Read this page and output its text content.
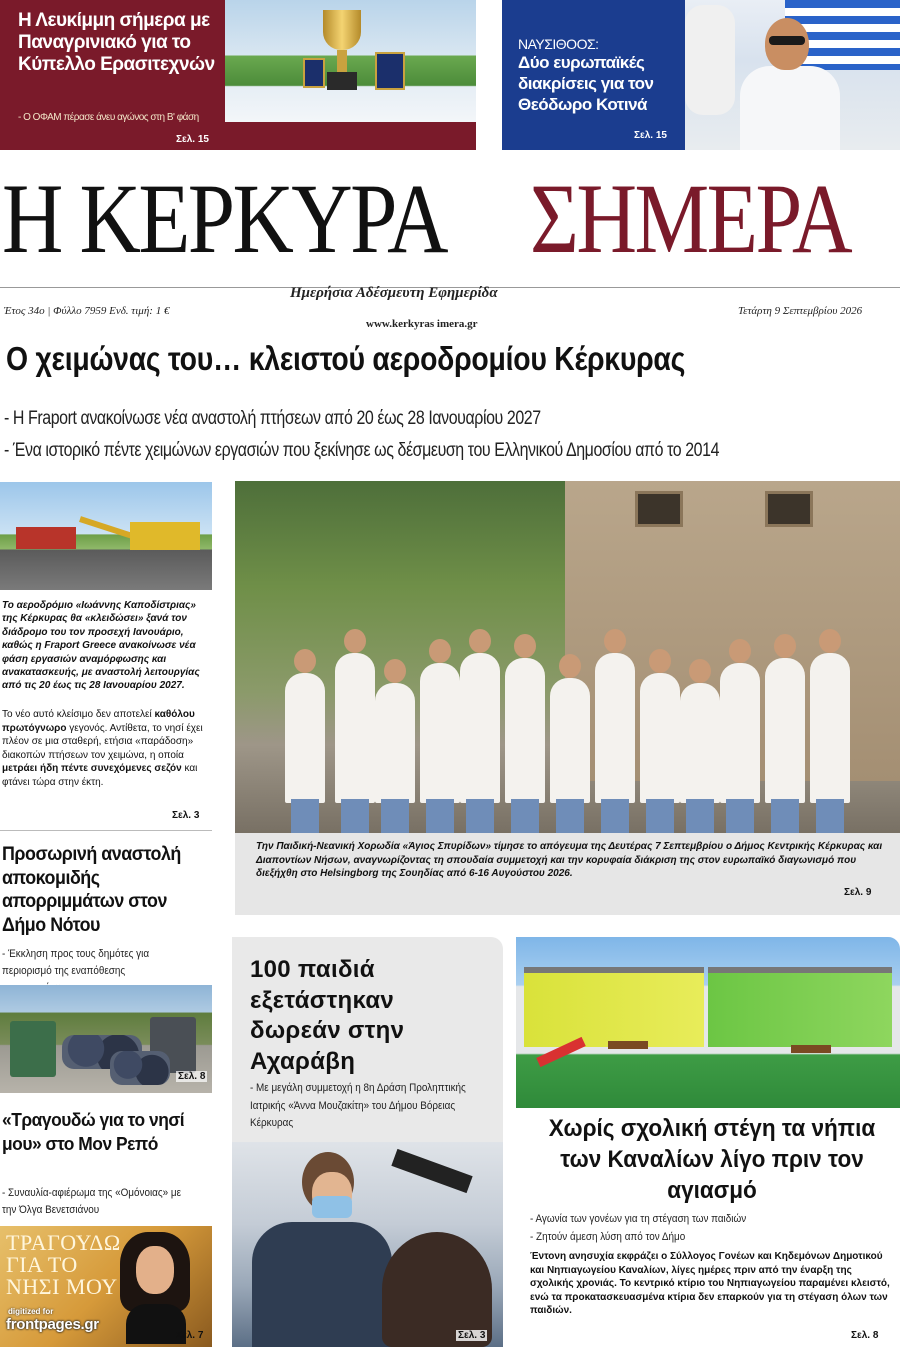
Η Λευκίμμη σήμερα με Παναγρινιακό για το Κύπελλο Ερασιτεχνών
- Ο ΟΦΑΜ πέρασε άνευ αγώνος στη Β' φάση
Σελ. 15
ΝΑΥΣΙΘΟΟΣ:
Δύο ευρωπαϊκές διακρίσεις για τον Θεόδωρο Κοτινά
Σελ. 15
Η ΚΕΡΚΥΡΑ ΣΗΜΕΡΑ
Ημερήσια Αδέσμευτη Εφημερίδα
Έτος 34ο | Φύλλο 7959 Ενδ. τιμή: 1 €	Τετάρτη 9 Σεπτεμβρίου 2026
www.kerkyras imera.gr
Ο χειμώνας του… κλειστού αεροδρομίου Κέρκυρας
- Η Fraport ανακοίνωσε νέα αναστολή πτήσεων από 20 έως 28 Ιανουαρίου 2027
- Ένα ιστορικό πέντε χειμώνων εργασιών που ξεκίνησε ως δέσμευση του Ελληνικού Δημοσίου από το 2014
Το αεροδρόμιο «Ιωάννης Καποδίστριας» της Κέρκυρας θα «κλειδώσει» ξανά τον διάδρομο του τον προσεχή Ιανουάριο, καθώς η Fraport Greece ανακοίνωσε νέα φάση εργασιών αναμόρφωσης και ανακατασκευής, με αναστολή λειτουργίας από τις 20 έως τις 28 Ιανουαρίου 2027.
Το νέο αυτό κλείσιμο δεν αποτελεί καθόλου πρωτόγνωρο γεγονός. Αντίθετα, το νησί έχει πλέον σε μια σταθερή, ετήσια «παράδοση» διακοπών πτήσεων τον χειμώνα, η οποία μετράει ήδη πέντε συνεχόμενες σεζόν και φτάνει τώρα στην έκτη.
Σελ. 3
Την Παιδική-Νεανική Χορωδία «Άγιος Σπυρίδων» τίμησε το απόγευμα της Δευτέρας 7 Σεπτεμβρίου ο Δήμος Κεντρικής Κέρκυρας και Διαποντίων Νήσων, αναγνωρίζοντας τη σπουδαία συμμετοχή και την κορυφαία διάκριση της στον ευρωπαϊκό διαγωνισμό που διεξήχθη στο Helsingborg της Σουηδίας από 6-16 Αυγούστου 2026.
Σελ. 9
Προσωρινή αναστολή αποκομιδής απορριμμάτων στον Δήμο Νότου
- Έκκληση προς τους δημότες για περιορισμό της εναπόθεσης
Σελ. 8
«Τραγουδώ για το νησί μου» στο Μον Ρεπό
- Συναυλία-αφιέρωμα της «Ομόνοιας» με την Όλγα Βενετσιάνου
ΤΡΑΓΟΥΔΩ ΓΙΑ ΤΟ ΝΗΣΙ ΜΟΥ
digitized for
frontpages.gr
Σελ. 7
100 παιδιά εξετάστηκαν δωρεάν στην Αχαράβη
- Με μεγάλη συμμετοχή η 8η Δράση Προληπτικής Ιατρικής «Άννα Μουζακίτη» του Δήμου Βόρειας Κέρκυρας
Σελ. 3
Χωρίς σχολική στέγη τα νήπια των Καναλίων λίγο πριν τον αγιασμό
- Αγωνία των γονέων για τη στέγαση των παιδιών
- Ζητούν άμεση λύση από τον Δήμο
Έντονη ανησυχία εκφράζει ο Σύλλογος Γονέων και Κηδεμόνων Δημοτικού και Νηπιαγωγείου Καναλίων, λίγες ημέρες πριν από την έναρξη της σχολικής χρονιάς. Το κεντρικό κτίριο του Νηπιαγωγείου παραμένει κλειστό, ενώ τα προκατασκευασμένα κτίρια δεν επαρκούν για τη στέγαση όλων των παιδιών.
Σελ. 8
